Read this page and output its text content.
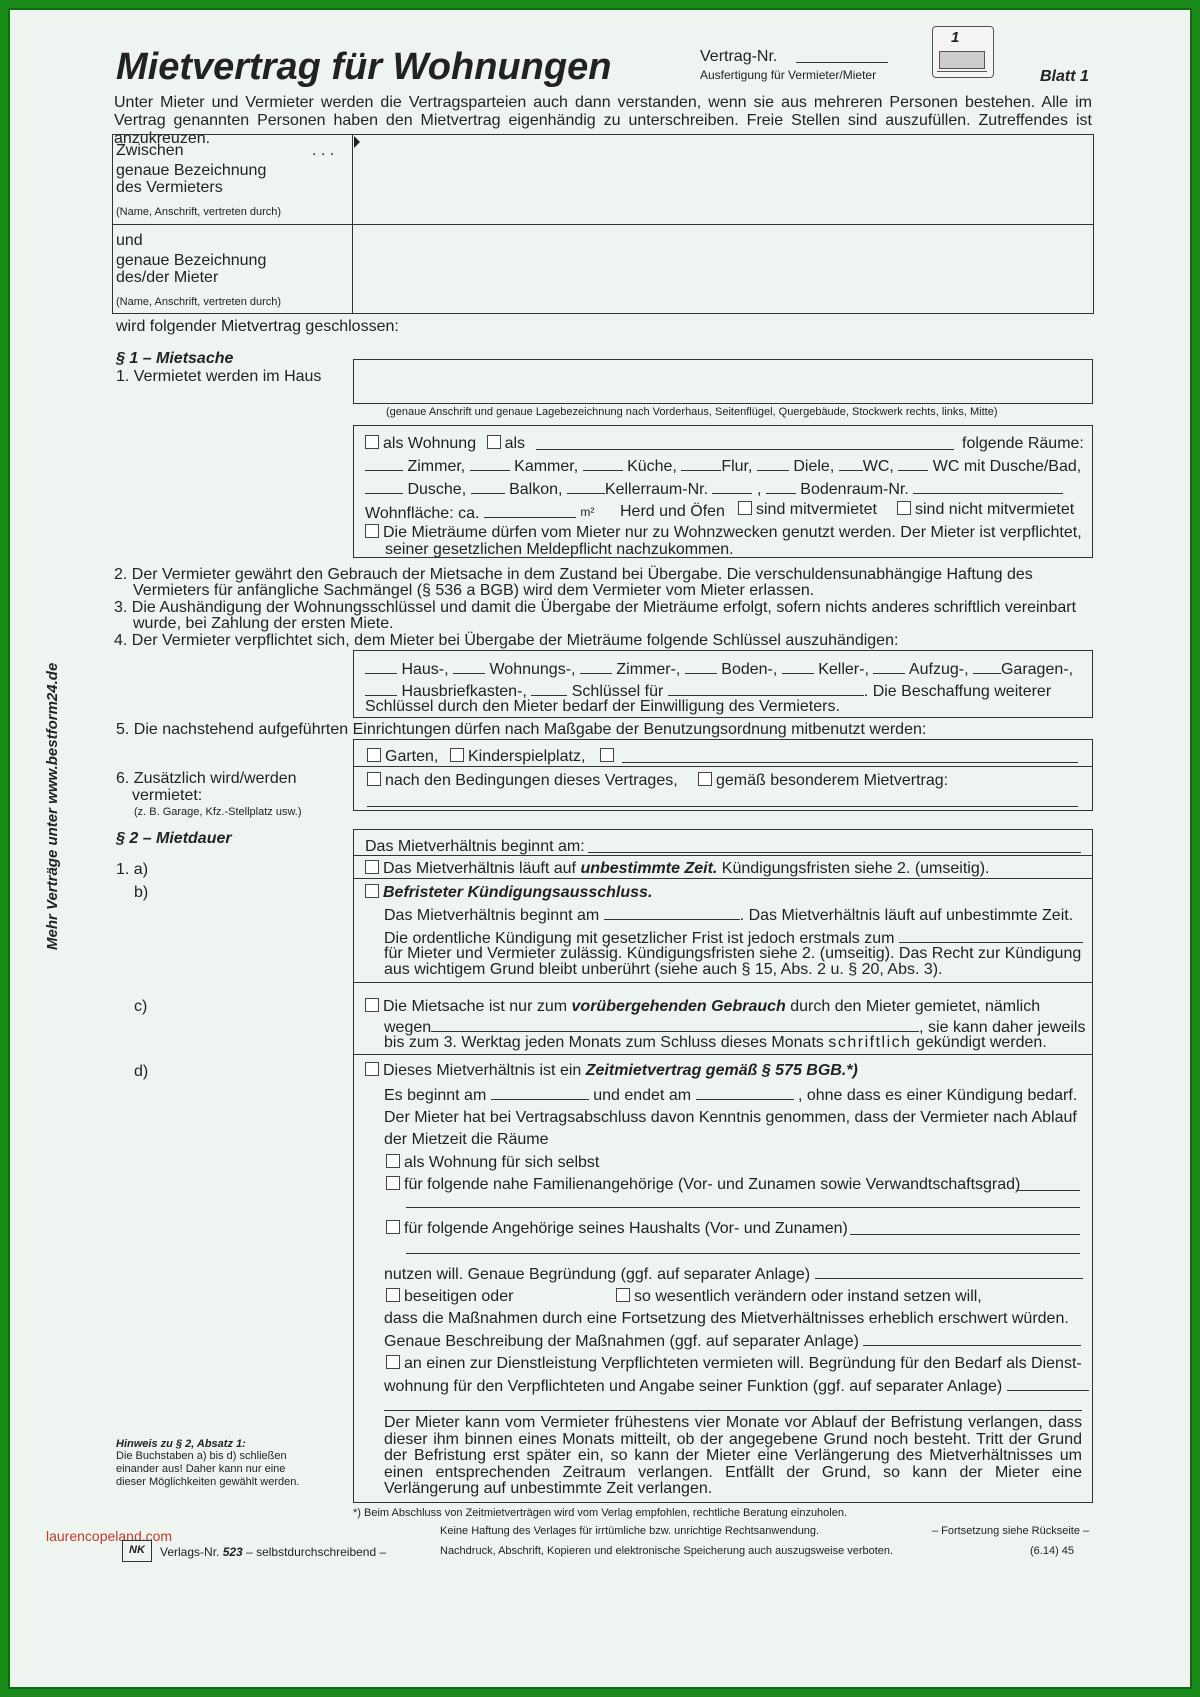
Mietvertrag für Wohnungen	Vertrag-Nr.
Ausfertigung für Vermieter/Mieter
1
Blatt 1
Unter Mieter und Vermieter werden die Vertragsparteien auch dann verstanden, wenn sie aus mehreren Personen bestehen. Alle im Vertrag genannten Personen haben den Mietvertrag eigenhändig zu unterschreiben. Freie Stellen sind auszufüllen. Zutreffendes ist anzukreuzen.
Mehr Verträge unter www.bestform24.de
Zwischen	. . .
genaue Bezeichnung
des Vermieters
(Name, Anschrift, vertreten durch)
und
genaue Bezeichnung
des/der Mieter
(Name, Anschrift, vertreten durch)
wird folgender Mietvertrag geschlossen:
§ 1 – Mietsache
1. Vermietet werden im Haus
(genaue Anschrift und genaue Lagebezeichnung nach Vorderhaus, Seitenflügel, Quergebäude, Stockwerk rechts, links, Mitte)
als Wohnung als	folgende Räume:
Zimmer,	Kammer,	Küche,	Flur,	Diele, WC, WC mit Dusche/Bad,
Dusche,	Balkon,	Kellerraum-Nr.	, Bodenraum-Nr.
Wohnfläche: ca.	m² Herd und Öfen	sind mitvermietet	sind nicht mitvermietet
Die Mieträume dürfen vom Mieter nur zu Wohnzwecken genutzt werden. Der Mieter ist verpflichtet,
seiner gesetzlichen Meldepflicht nachzukommen.
2. Der Vermieter gewährt den Gebrauch der Mietsache in dem Zustand bei Übergabe. Die verschuldensunabhängige Haftung des
Vermieters für anfängliche Sachmängel (§ 536 a BGB) wird dem Vermieter vom Mieter erlassen.
3. Die Aushändigung der Wohnungsschlüssel und damit die Übergabe der Mieträume erfolgt, sofern nichts anderes schriftlich vereinbart
wurde, bei Zahlung der ersten Miete.
4. Der Vermieter verpflichtet sich, dem Mieter bei Übergabe der Mieträume folgende Schlüssel auszuhändigen:
Haus-,	Wohnungs-,	Zimmer-,	Boden-,	Keller-,	Aufzug-, Garagen-,
Hausbriefkasten-,	Schlüssel für	. Die Beschaffung weiterer
Schlüssel durch den Mieter bedarf der Einwilligung des Vermieters.
5. Die nachstehend aufgeführten Einrichtungen dürfen nach Maßgabe der Benutzungsordnung mitbenutzt werden:
Garten,	Kinderspielplatz,
6. Zusätzlich wird/werden
vermietet:
(z. B. Garage, Kfz.-Stellplatz usw.)
nach den Bedingungen dieses Vertrages,	gemäß besonderem Mietvertrag:
§ 2 – Mietdauer	Das Mietverhältnis beginnt am:
1. a)	Das Mietverhältnis läuft auf unbestimmte Zeit. Kündigungsfristen siehe 2. (umseitig).
b)	Befristeter Kündigungsausschluss.
Das Mietverhältnis beginnt am	. Das Mietverhältnis läuft auf unbestimmte Zeit.
Die ordentliche Kündigung mit gesetzlicher Frist ist jedoch erstmals zum
für Mieter und Vermieter zulässig. Kündigungsfristen siehe 2. (umseitig). Das Recht zur Kündigung
aus wichtigem Grund bleibt unberührt (siehe auch § 15, Abs. 2 u. § 20, Abs. 3).
c)	Die Mietsache ist nur zum vorübergehenden Gebrauch durch den Mieter gemietet, nämlich
wegen	, sie kann daher jeweils
bis zum 3. Werktag jeden Monats zum Schluss dieses Monats schriftlich gekündigt werden.
d)	Dieses Mietverhältnis ist ein Zeitmietvertrag gemäß § 575 BGB.*)
Es beginnt am	und endet am	, ohne dass es einer Kündigung bedarf.
Der Mieter hat bei Vertragsabschluss davon Kenntnis genommen, dass der Vermieter nach Ablauf
der Mietzeit die Räume
als Wohnung für sich selbst
für folgende nahe Familienangehörige (Vor- und Zunamen sowie Verwandtschaftsgrad)
für folgende Angehörige seines Haushalts (Vor- und Zunamen)
nutzen will. Genaue Begründung (ggf. auf separater Anlage)
beseitigen oder	so wesentlich verändern oder instand setzen will,
dass die Maßnahmen durch eine Fortsetzung des Mietverhältnisses erheblich erschwert würden.
Genaue Beschreibung der Maßnahmen (ggf. auf separater Anlage)
an einen zur Dienstleistung Verpflichteten vermieten will. Begründung für den Bedarf als Dienst-
wohnung für den Verpflichteten und Angabe seiner Funktion (ggf. auf separater Anlage)
Der Mieter kann vom Vermieter frühestens vier Monate vor Ablauf der Befristung verlangen, dass dieser ihm binnen eines Monats mitteilt, ob der angegebene Grund noch besteht. Tritt der Grund der Befristung erst später ein, so kann der Mieter eine Verlängerung des Mietverhältnisses um einen entsprechenden Zeitraum verlangen. Entfällt der Grund, so kann der Mieter eine Verlängerung auf unbestimmte Zeit verlangen.
Hinweis zu § 2, Absatz 1:
Die Buchstaben a) bis d) schließen einander aus! Daher kann nur eine dieser Möglichkeiten gewählt werden.
*) Beim Abschluss von Zeitmietverträgen wird vom Verlag empfohlen, rechtliche Beratung einzuholen.
laurencopeland.com
NK	Verlags-Nr. 523 – selbstdurchschreibend –
Keine Haftung des Verlages für irrtümliche bzw. unrichtige Rechtsanwendung.	– Fortsetzung siehe Rückseite –
Nachdruck, Abschrift, Kopieren und elektronische Speicherung auch auszugsweise verboten.	(6.14) 45
